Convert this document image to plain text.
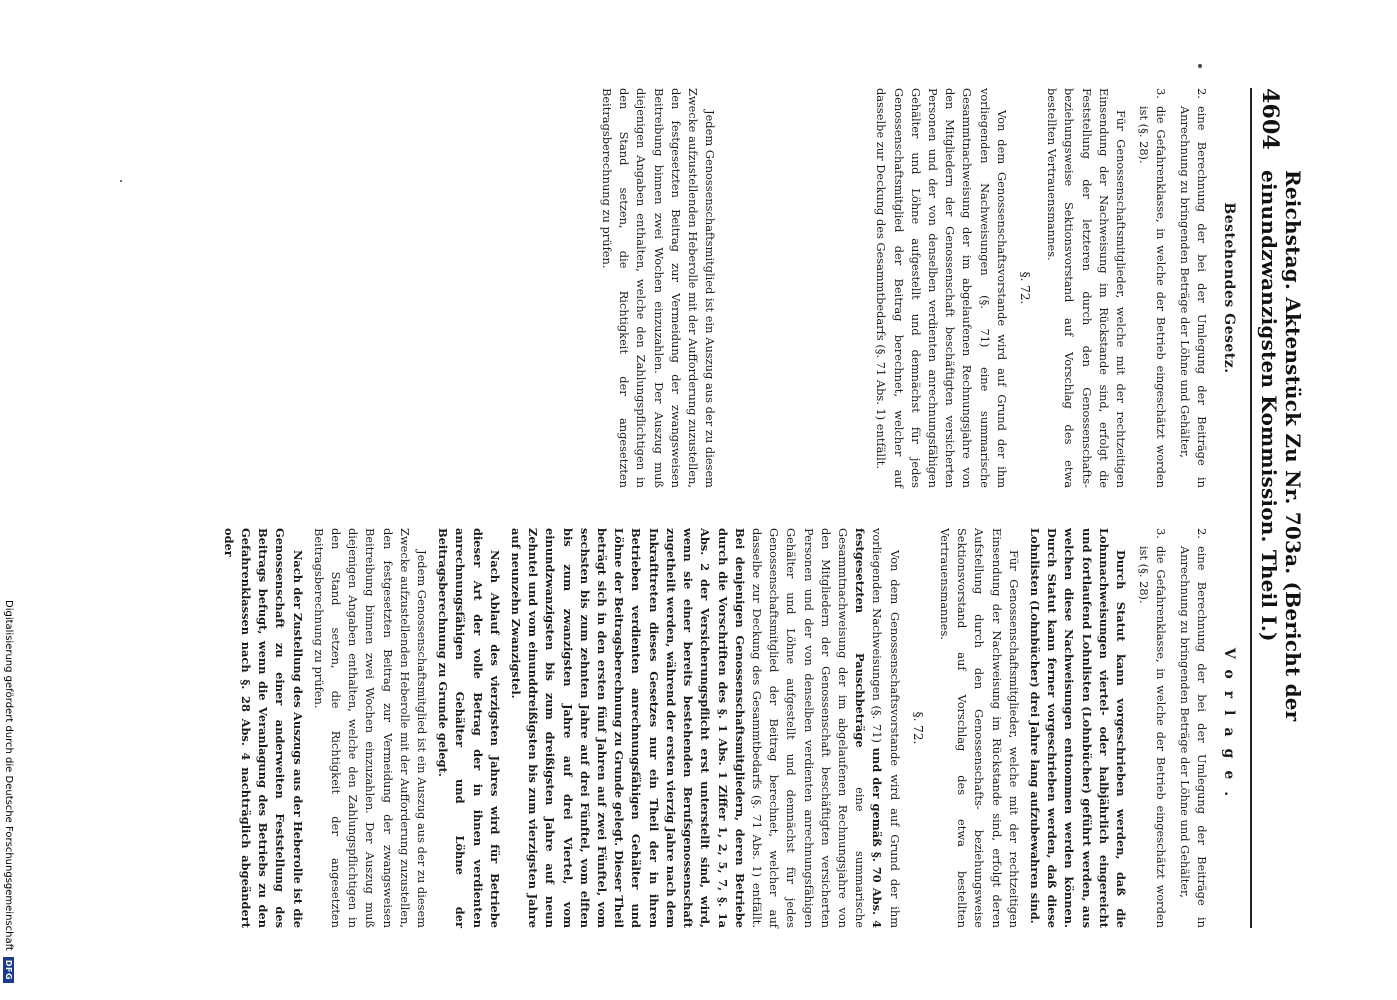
4604
Reichstag. Aktenstück Zu Nr. 703a. (Bericht der einundzwanzigsten Kommission. Theil I.)
Bestehendes Gesetz.
2.eine Berechnung der bei der Umlegung der Beiträge in Anrechnung zu bringenden Beträge der Löhne und Gehälter,
3.die Gefahrenklasse, in welche der Betrieb eingeschätzt worden ist (§. 28).

Für Genossenschaftsmitglieder, welche mit der rechtzeitigen Einsendung der Nachweisung im Rückstande sind, erfolgt die Feststellung der letzteren durch den Genossenschafts- beziehungsweise Sektionsvorstand auf Vorschlag des etwa bestellten Vertrauensmannes.

§. 72.

Von dem Genossenschaftsvorstande wird auf Grund der ihm vorliegenden Nachweisungen (§. 71) eine summarische Gesammtnachweisung der im abgelaufenen Rechnungsjahre von den Mitgliedern der Genossenschaft beschäftigten versicherten Personen und der von denselben verdienten anrechnungsfähigen Gehälter und Löhne aufgestellt und demnächst für jedes Genossenschaftsmitglied der Beitrag berechnet, welcher auf dasselbe zur Deckung des Gesammtbedarfs (§. 71 Abs. 1) entfällt.

Jedem Genossenschaftsmitglied ist ein Auszug aus der zu diesem Zwecke aufzustellenden Heberolle mit der Aufforderung zuzustellen, den festgesetzten Beitrag zur Vermeidung der zwangsweisen Beitreibung binnen zwei Wochen einzuzahlen. Der Auszug muß diejenigen Angaben enthalten, welche den Zahlungspflichtigen in den Stand setzen, die Richtigkeit der angesetzten Beitragsberechnung zu prüfen.

Vorlage.
2.eine Berechnung der bei der Umlegung der Beiträge in Anrechnung zu bringenden Beträge der Löhne und Gehälter,
3.die Gefahrenklasse, in welche der Betrieb eingeschätzt worden ist (§. 28).

Durch Statut kann vorgeschrieben werden, daß die Lohnnachweisungen viertel- oder halbjährlich eingereicht und fortlaufend Lohnlisten (Lohnbücher) geführt werden, aus welchen diese Nachweisungen entnommen werden können. Durch Statut kann ferner vorgeschrieben werden, daß diese Lohnlisten (Lohnbücher) drei Jahre lang aufzubewahren sind.

Für Genossenschaftsmitglieder, welche mit der rechtzeitigen Einsendung der Nachweisung im Rückstande sind, erfolgt deren Aufstellung durch den Genossenschafts- beziehungsweise Sektionsvorstand auf Vorschlag des etwa bestellten Vertrauensmannes.

§. 72.

Von dem Genossenschaftsvorstande wird auf Grund der ihm vorliegenden Nachweisungen (§. 71) und der gemäß §. 70 Abs. 4 festgesetzten Pauschbeträge eine summarische Gesammtnachweisung der im abgelaufenen Rechnungsjahre von den Mitgliedern der Genossenschaft beschäftigten versicherten Personen und der von denselben verdienten anrechnungsfähigen Gehälter und Löhne aufgestellt und demnächst für jedes Genossenschaftsmitglied der Beitrag berechnet, welcher auf dasselbe zur Deckung des Gesammtbedarfs (§. 71 Abs. 1) entfällt. Bei denjenigen Genossenschaftsmitgliedern, deren Betriebe durch die Vorschriften des §. 1 Abs. 1 Ziffer 1, 2, 5, 7, §. 1a Abs. 2 der Versicherungspflicht erst unterstellt sind, wird, wenn sie einer bereits bestehenden Berufsgenossenschaft zugetheilt werden, während der ersten vierzig Jahre nach dem Inkrafttreten dieses Gesetzes nur ein Theil der in ihren Betrieben verdienten anrechnungsfähigen Gehälter und Löhne der Beitragsberechnung zu Grunde gelegt. Dieser Theil beträgt sich in den ersten fünf Jahren auf zwei Fünftel, vom sechsten bis zum zehnten Jahre auf drei Fünftel, vom elften bis zum zwanzigsten Jahre auf drei Viertel, vom einundzwanzigsten bis zum dreißigsten Jahre auf neun Zehntel und vom einunddreißigsten bis zum vierzigsten Jahre auf neunzehn Zwanzigstel.

Nach Ablauf des vierzigsten Jahres wird für Betriebe dieser Art der volle Betrag der in ihnen verdienten anrechnungsfähigen Gehälter und Löhne der Beitragsberechnung zu Grunde gelegt.

Jedem Genossenschaftsmitglied ist ein Auszug aus der zu diesem Zwecke aufzustellenden Heberolle mit der Aufforderung zuzustellen, den festgesetzten Beitrag zur Vermeidung der zwangsweisen Beitreibung binnen zwei Wochen einzuzahlen. Der Auszug muß diejenigen Angaben enthalten, welche den Zahlungspflichtigen in den Stand setzen, die Richtigkeit der angesetzten Beitragsberechnung zu prüfen.

Nach der Zustellung des Auszugs aus der Heberolle ist die Genossenschaft zu einer anderweiten Feststellung des Beitrags befugt, wenn die Veranlagung des Betriebs zu den Gefahrenklassen nach §. 28 Abs. 4 nachträglich abgeändert oder

Digitalisierung gefördert durch die Deutsche Forschungsgemeinschaft
DFG
